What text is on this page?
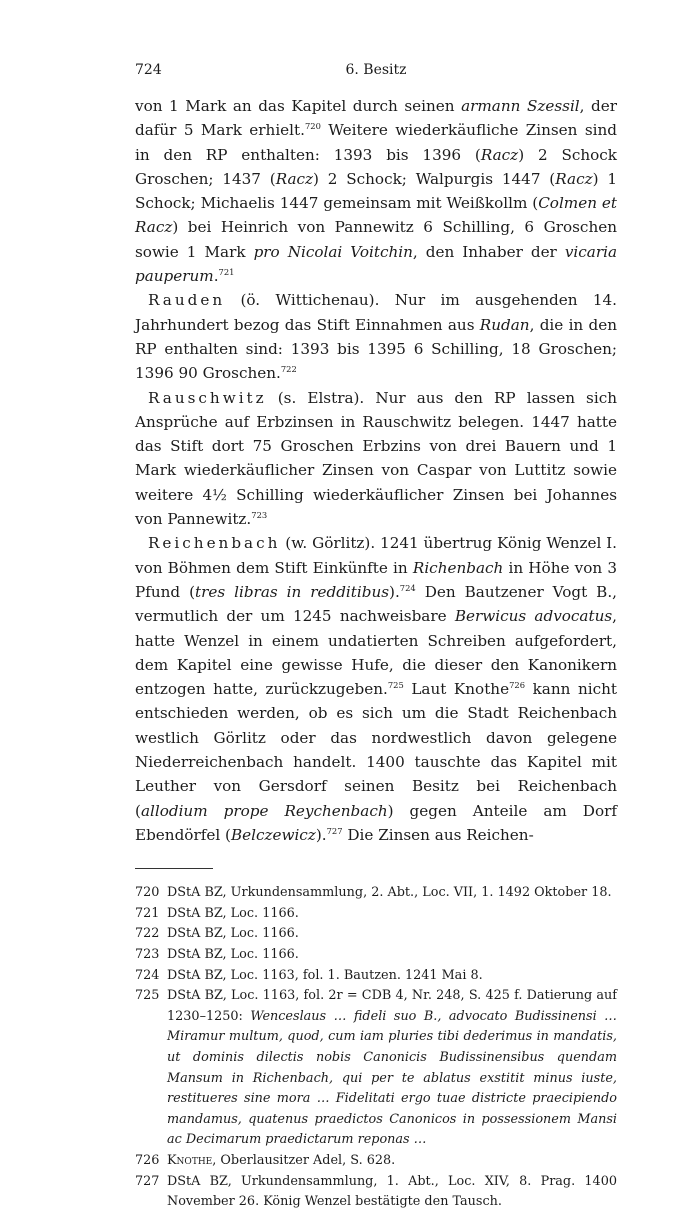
724	6. Besitz

von 1 Mark an das Kapitel durch seinen armann Szessil, der dafür 5 Mark erhielt.$^{720}$ Weitere wiederkäufliche Zinsen sind in den RP enthalten: 1393 bis 1396 (Racz) 2 Schock Groschen; 1437 (Racz) 2 Schock; Walpurgis 1447 (Racz) 1 Schock; Michaelis 1447 gemeinsam mit Weißkollm (Colmen et Racz) bei Heinrich von Pannewitz 6 Schilling, 6 Groschen sowie 1 Mark pro Nicolai Voitchin, den Inhaber der vicaria pauperum.$^{721}$

Rauden (ö. Wittichenau). Nur im ausgehenden 14. Jahrhundert bezog das Stift Einnahmen aus Rudan, die in den RP enthalten sind: 1393 bis 1395 6 Schilling, 18 Groschen; 1396 90 Groschen.$^{722}$

Rauschwitz (s. Elstra). Nur aus den RP lassen sich Ansprüche auf Erbzinsen in Rauschwitz belegen. 1447 hatte das Stift dort 75 Groschen Erbzins von drei Bauern und 1 Mark wiederkäuflicher Zinsen von Caspar von Luttitz sowie weitere 4½ Schilling wiederkäuflicher Zinsen bei Johannes von Pannewitz.$^{723}$

Reichenbach (w. Görlitz). 1241 übertrug König Wenzel I. von Böhmen dem Stift Einkünfte in Richenbach in Höhe von 3 Pfund (tres libras in redditibus).$^{724}$ Den Bautzener Vogt B., vermutlich der um 1245 nachweisbare Berwicus advocatus, hatte Wenzel in einem undatierten Schreiben aufgefordert, dem Kapitel eine gewisse Hufe, die dieser den Kanonikern entzogen hatte, zurückzugeben.$^{725}$ Laut Knothe$^{726}$ kann nicht entschieden werden, ob es sich um die Stadt Reichenbach westlich Görlitz oder das nordwestlich davon gelegene Niederreichenbach handelt. 1400 tauschte das Kapitel mit Leuther von Gersdorf seinen Besitz bei Reichenbach (allodium prope Reychenbach) gegen Anteile am Dorf Ebendörfel (Belczewicz).$^{727}$ Die Zinsen aus Reichen-

720 DStA BZ, Urkundensammlung, 2. Abt., Loc. VII, 1. 1492 Oktober 18.
721 DStA BZ, Loc. 1166.
722 DStA BZ, Loc. 1166.
723 DStA BZ, Loc. 1166.
724 DStA BZ, Loc. 1163, fol. 1. Bautzen. 1241 Mai 8.
725 DStA BZ, Loc. 1163, fol. 2r = CDB 4, Nr. 248, S. 425 f. Datierung auf 1230–1250: Wenceslaus … fideli suo B., advocato Budissinensi … Miramur multum, quod, cum iam pluries tibi dederimus in mandatis, ut dominis dilectis nobis Canonicis Budissinensibus quendam Mansum in Richenbach, qui per te ablatus exstitit minus iuste, restitueres sine mora … Fidelitati ergo tuae districte praecipiendo mandamus, quatenus praedictos Canonicos in possessionem Mansi ac Decimarum praedictarum reponas …
726 Knothe, Oberlausitzer Adel, S. 628.
727 DStA BZ, Urkundensammlung, 1. Abt., Loc. XIV, 8. Prag. 1400 November 26. König Wenzel bestätigte den Tausch.
